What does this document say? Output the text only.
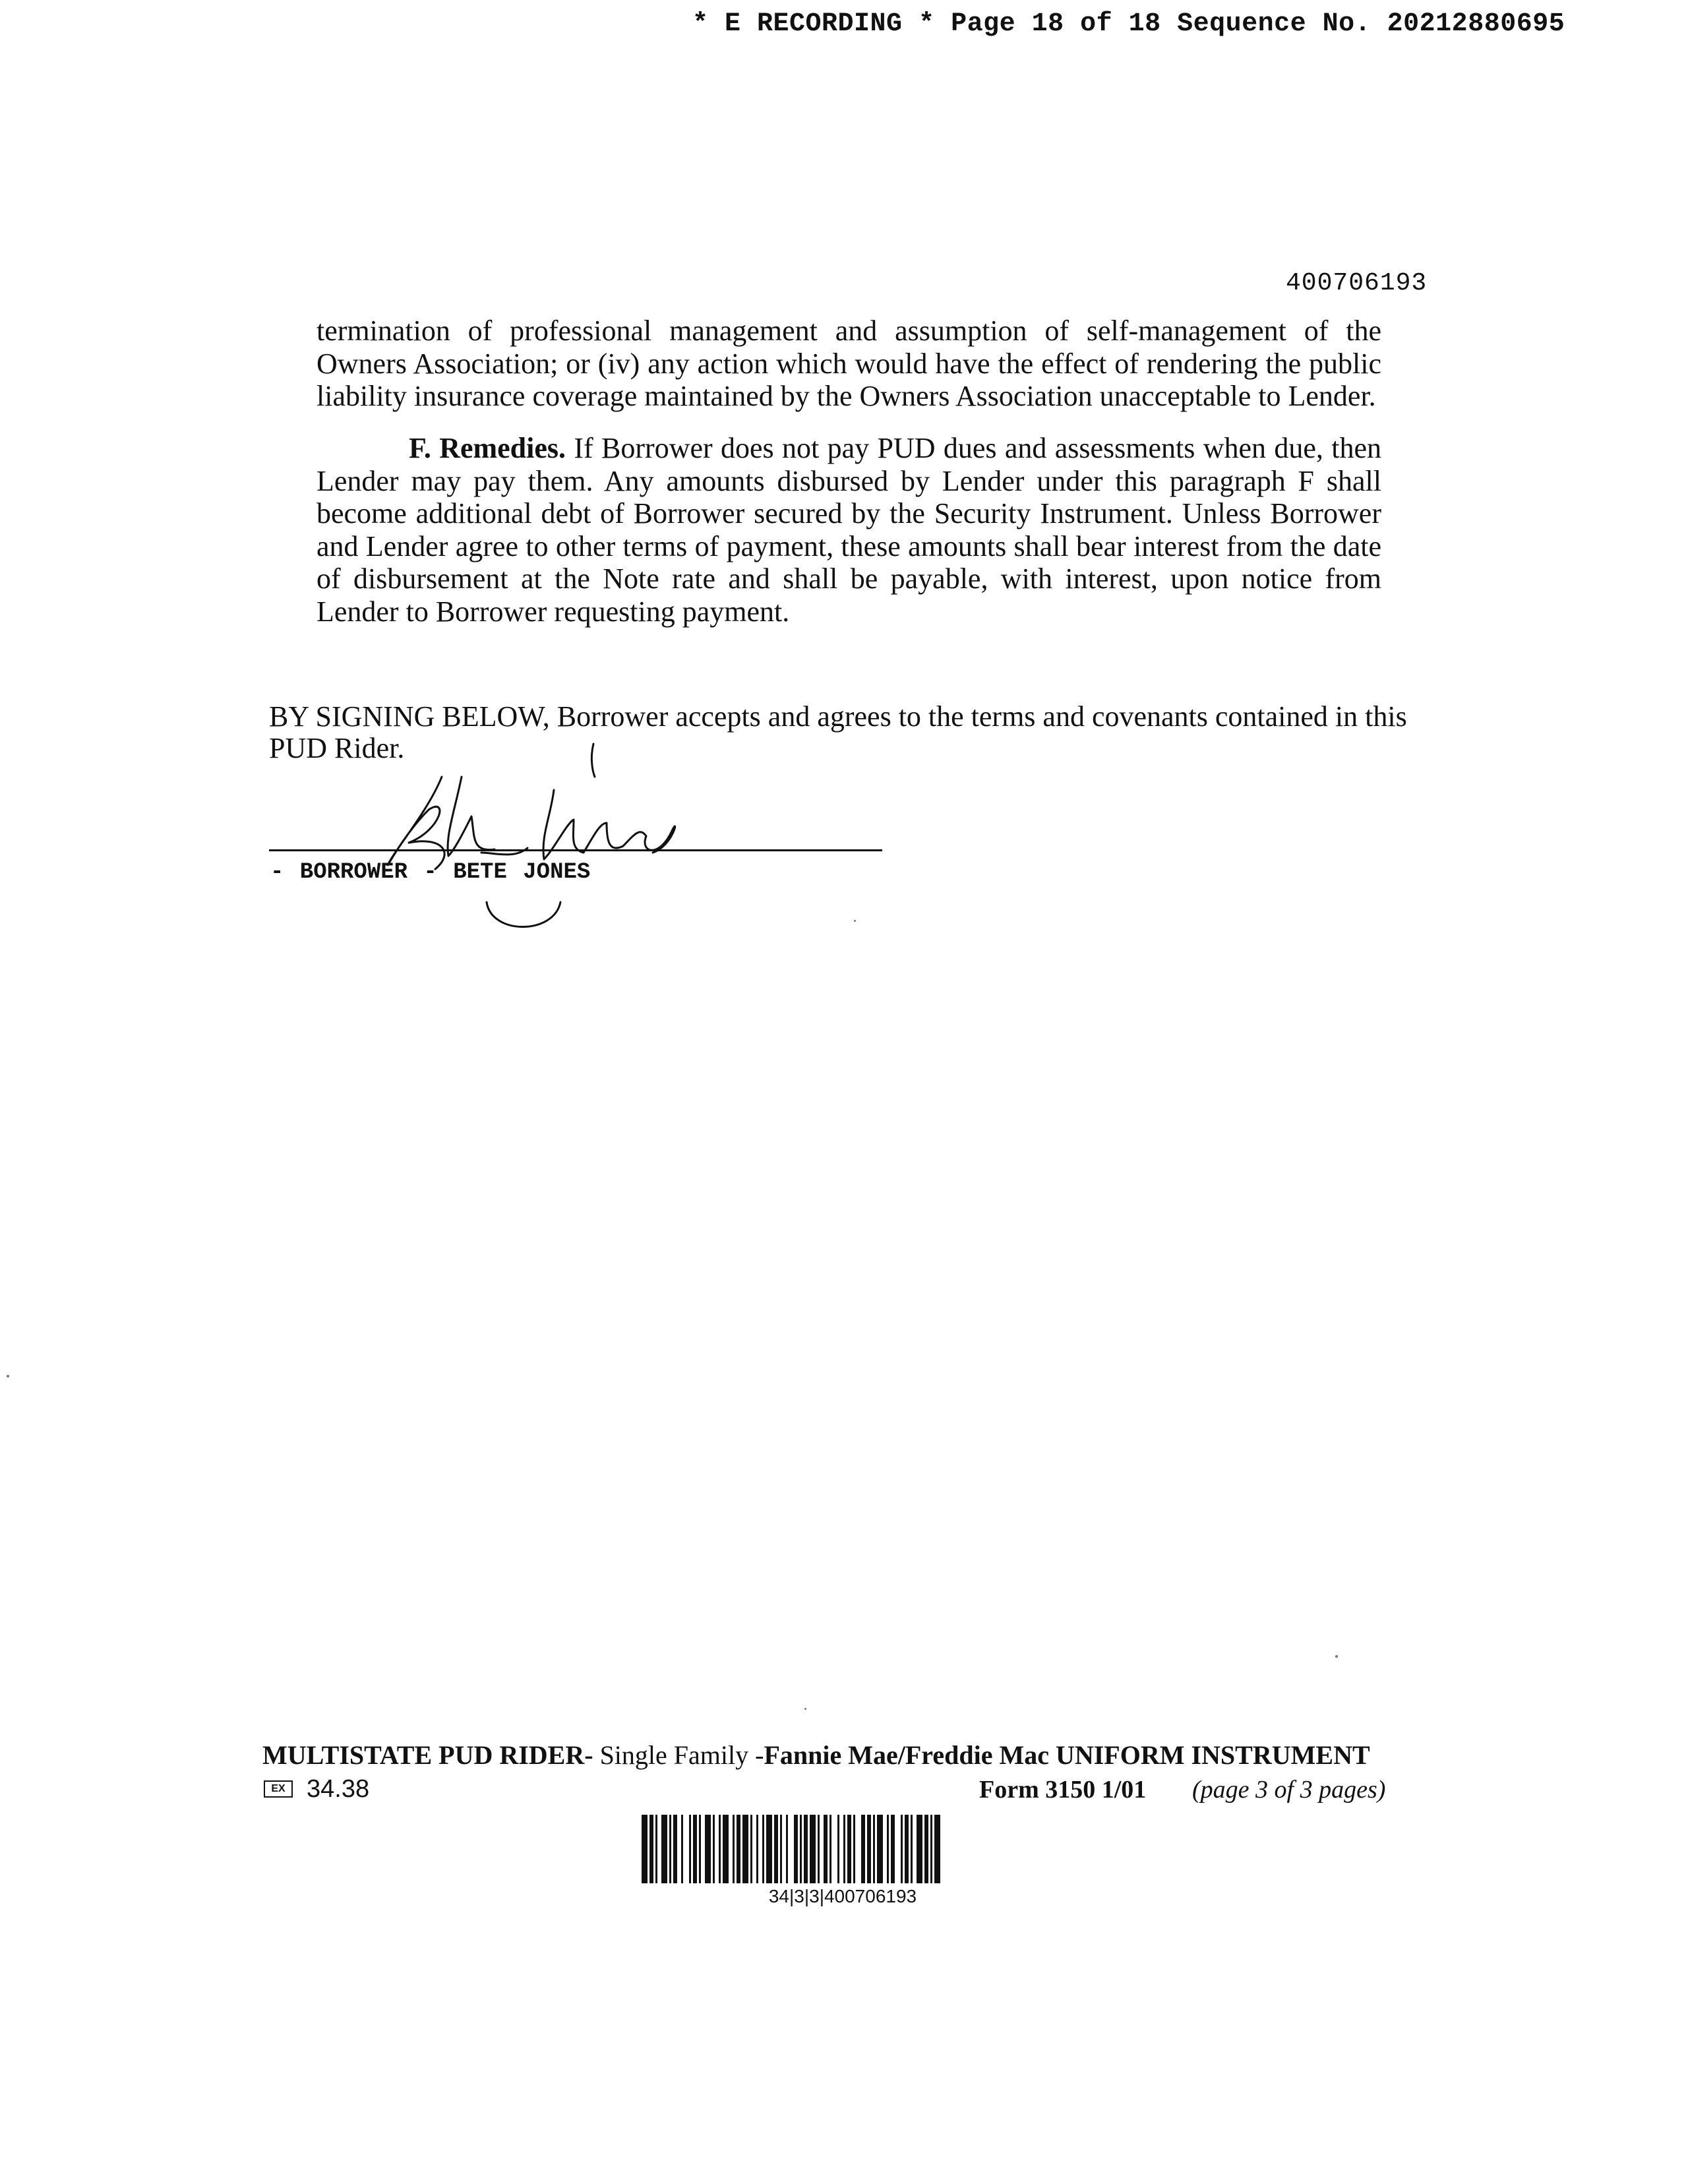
* E RECORDING * Page 18 of 18 Sequence No. 20212880695
400706193

termination of professional management and assumption of self-management of the Owners Association; or (iv) any action which would have the effect of rendering the public liability insurance coverage maintained by the Owners Association unacceptable to Lender.

F. Remedies. If Borrower does not pay PUD dues and assessments when due, then Lender may pay them. Any amounts disbursed by Lender under this paragraph F shall become additional debt of Borrower secured by the Security Instrument. Unless Borrower and Lender agree to other terms of payment, these amounts shall bear interest from the date of disbursement at the Note rate and shall be payable, with interest, upon notice from Lender to Borrower requesting payment.

BY SIGNING BELOW, Borrower accepts and agrees to the terms and covenants contained in this PUD Rider.

- BORROWER - BETE JONES
MULTISTATE PUD RIDER- Single Family -Fannie Mae/Freddie Mac UNIFORM INSTRUMENT
EX 34.38	Form 3150 1/01 (page 3 of 3 pages)
34|3|3|400706193
